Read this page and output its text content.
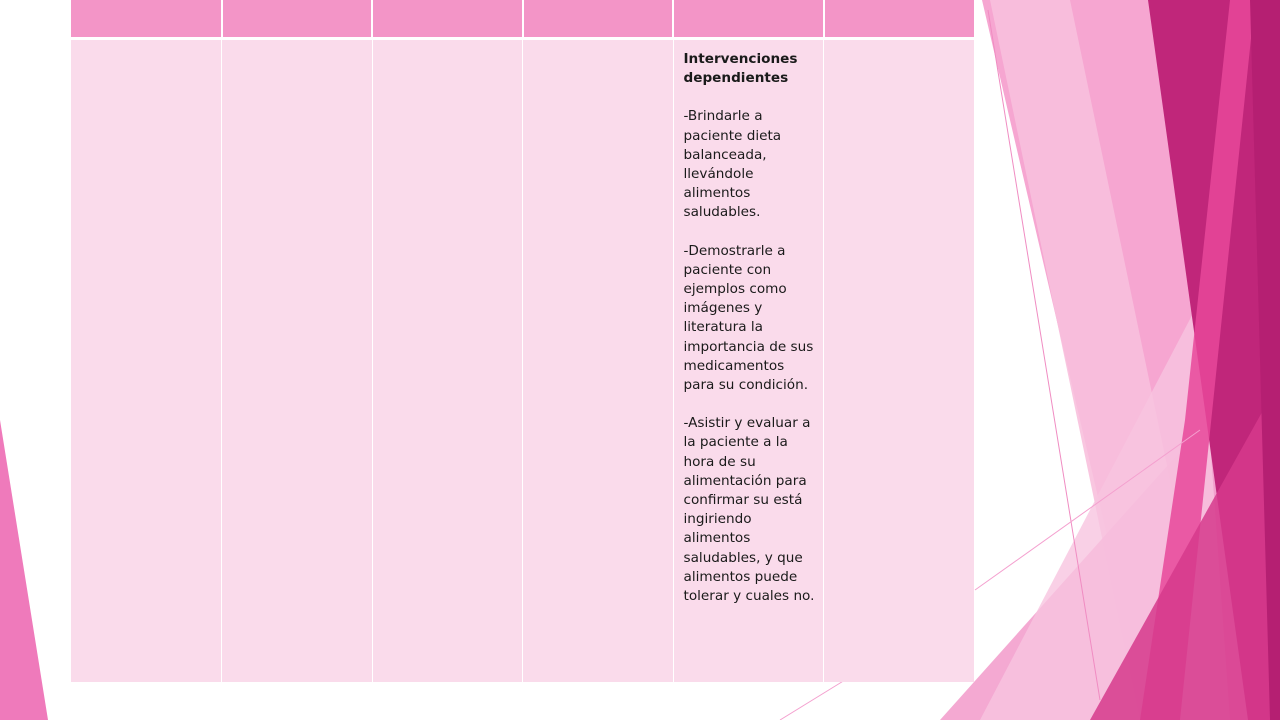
				Intervenciones dependientes

-Brindarle a paciente dieta balanceada, llevándole alimentos saludables.

-Demostrarle a paciente con ejemplos como imágenes y literatura la importancia de sus medicamentos para su condición.

-Asistir y evaluar a la paciente a la hora de su alimentación para confirmar su está ingiriendo alimentos saludables, y que alimentos puede tolerar y cuales no.	
